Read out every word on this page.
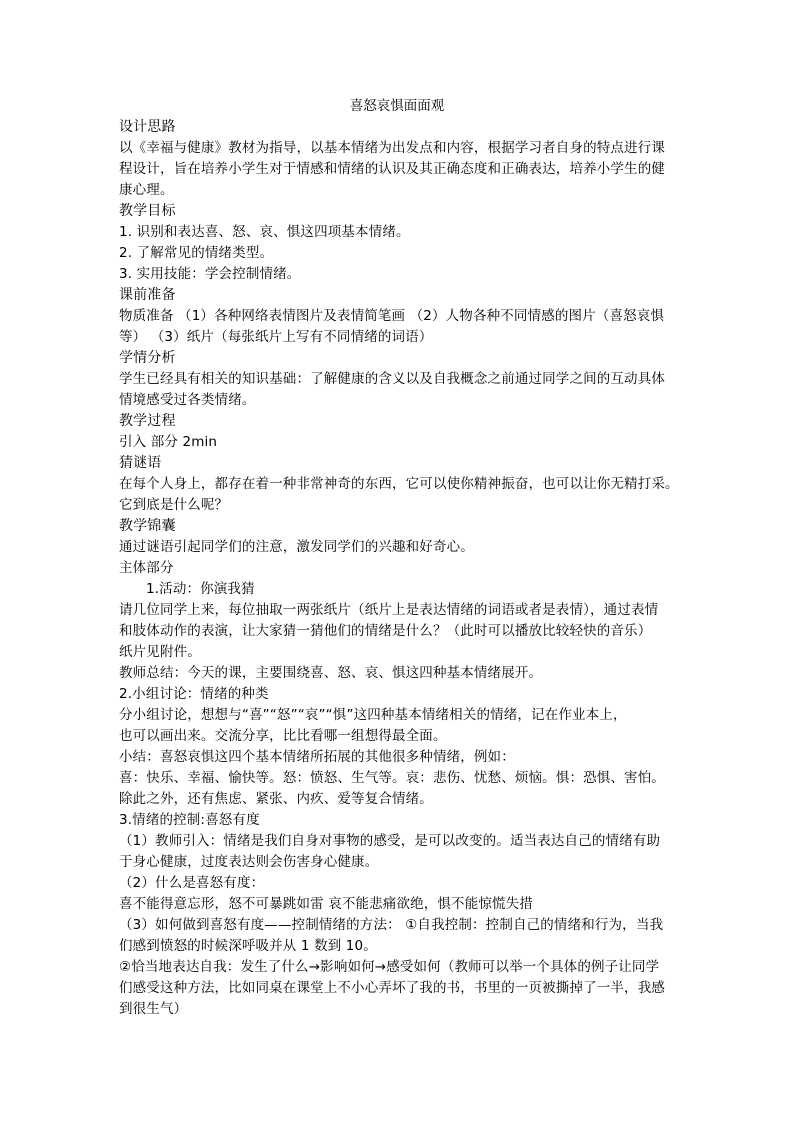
喜怒哀惧面面观
设计思路
以《幸福与健康》教材为指导，以基本情绪为出发点和内容，根据学习者自身的特点进行课
程设计，旨在培养小学生对于情感和情绪的认识及其正确态度和正确表达，培养小学生的健
康心理。
教学目标
1. 识别和表达喜、怒、哀、惧这四项基本情绪。
2. 了解常见的情绪类型。
3. 实用技能：学会控制情绪。
课前准备
物质准备 （1）各种网络表情图片及表情简笔画 （2）人物各种不同情感的图片（喜怒哀惧
等） （3）纸片（每张纸片上写有不同情绪的词语）
学情分析
学生已经具有相关的知识基础：了解健康的含义以及自我概念之前通过同学之间的互动具体
情境感受过各类情绪。
教学过程
引入 部分 2min
猜谜语
在每个人身上，都存在着一种非常神奇的东西，它可以使你精神振奋，也可以让你无精打采。
它到底是什么呢？
教学锦囊
通过谜语引起同学们的注意，激发同学们的兴趣和好奇心。
主体部分
1.活动：你演我猜
请几位同学上来，每位抽取一两张纸片（纸片上是表达情绪的词语或者是表情），通过表情
和肢体动作的表演，让大家猜一猜他们的情绪是什么？（此时可以播放比较轻快的音乐）
纸片见附件。
教师总结：今天的课，主要围绕喜、怒、哀、惧这四种基本情绪展开。
2.小组讨论：情绪的种类
分小组讨论，想想与“喜”“怒”“哀”“惧”这四种基本情绪相关的情绪，记在作业本上，
也可以画出来。交流分享，比比看哪一组想得最全面。
小结：喜怒哀惧这四个基本情绪所拓展的其他很多种情绪，例如：
喜：快乐、幸福、愉快等。怒：愤怒、生气等。哀：悲伤、忧愁、烦恼。惧：恐惧、害怕。
除此之外，还有焦虑、紧张、内疚、爱等复合情绪。
3.情绪的控制:喜怒有度
（1）教师引入：情绪是我们自身对事物的感受，是可以改变的。适当表达自己的情绪有助
于身心健康，过度表达则会伤害身心健康。
（2）什么是喜怒有度：
喜不能得意忘形，怒不可暴跳如雷 哀不能悲痛欲绝，惧不能惊慌失措
（3）如何做到喜怒有度——控制情绪的方法： ①自我控制：控制自己的情绪和行为，当我
们感到愤怒的时候深呼吸并从 1 数到 10。
②恰当地表达自我：发生了什么→影响如何→感受如何（教师可以举一个具体的例子让同学
们感受这种方法，比如同桌在课堂上不小心弄坏了我的书，书里的一页被撕掉了一半，我感
到很生气）
